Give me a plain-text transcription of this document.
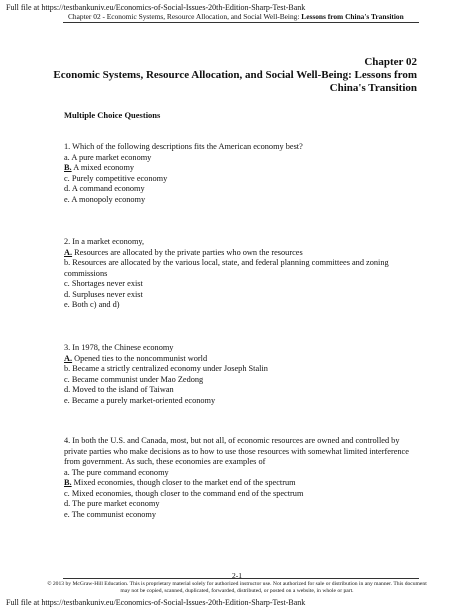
Full file at https://testbankuniv.eu/Economics-of-Social-Issues-20th-Edition-Sharp-Test-Bank
Chapter 02 - Economic Systems, Resource Allocation, and Social Well-Being: Lessons from China's Transition
Chapter 02
Economic Systems, Resource Allocation, and Social Well-Being: Lessons from China's Transition
Multiple Choice Questions
1. Which of the following descriptions fits the American economy best?
a. A pure market economy
B. A mixed economy
c. Purely competitive economy
d. A command economy
e. A monopoly economy
2. In a market economy,
A. Resources are allocated by the private parties who own the resources
b. Resources are allocated by the various local, state, and federal planning committees and zoning commissions
c. Shortages never exist
d. Surpluses never exist
e. Both c) and d)
3. In 1978, the Chinese economy
A. Opened ties to the noncommunist world
b. Became a strictly centralized economy under Joseph Stalin
c. Became communist under Mao Zedong
d. Moved to the island of Taiwan
e. Became a purely market-oriented economy
4. In both the U.S. and Canada, most, but not all, of economic resources are owned and controlled by private parties who make decisions as to how to use those resources with somewhat limited interference from government. As such, these economies are examples of
a. The pure command economy
B. Mixed economies, though closer to the market end of the spectrum
c. Mixed economies, though closer to the command end of the spectrum
d. The pure market economy
e. The communist economy
2-1
© 2013 by McGraw-Hill Education. This is proprietary material solely for authorized instructor use. Not authorized for sale or distribution in any manner. This document may not be copied, scanned, duplicated, forwarded, distributed, or posted on a website, in whole or part.
Full file at https://testbankuniv.eu/Economics-of-Social-Issues-20th-Edition-Sharp-Test-Bank
